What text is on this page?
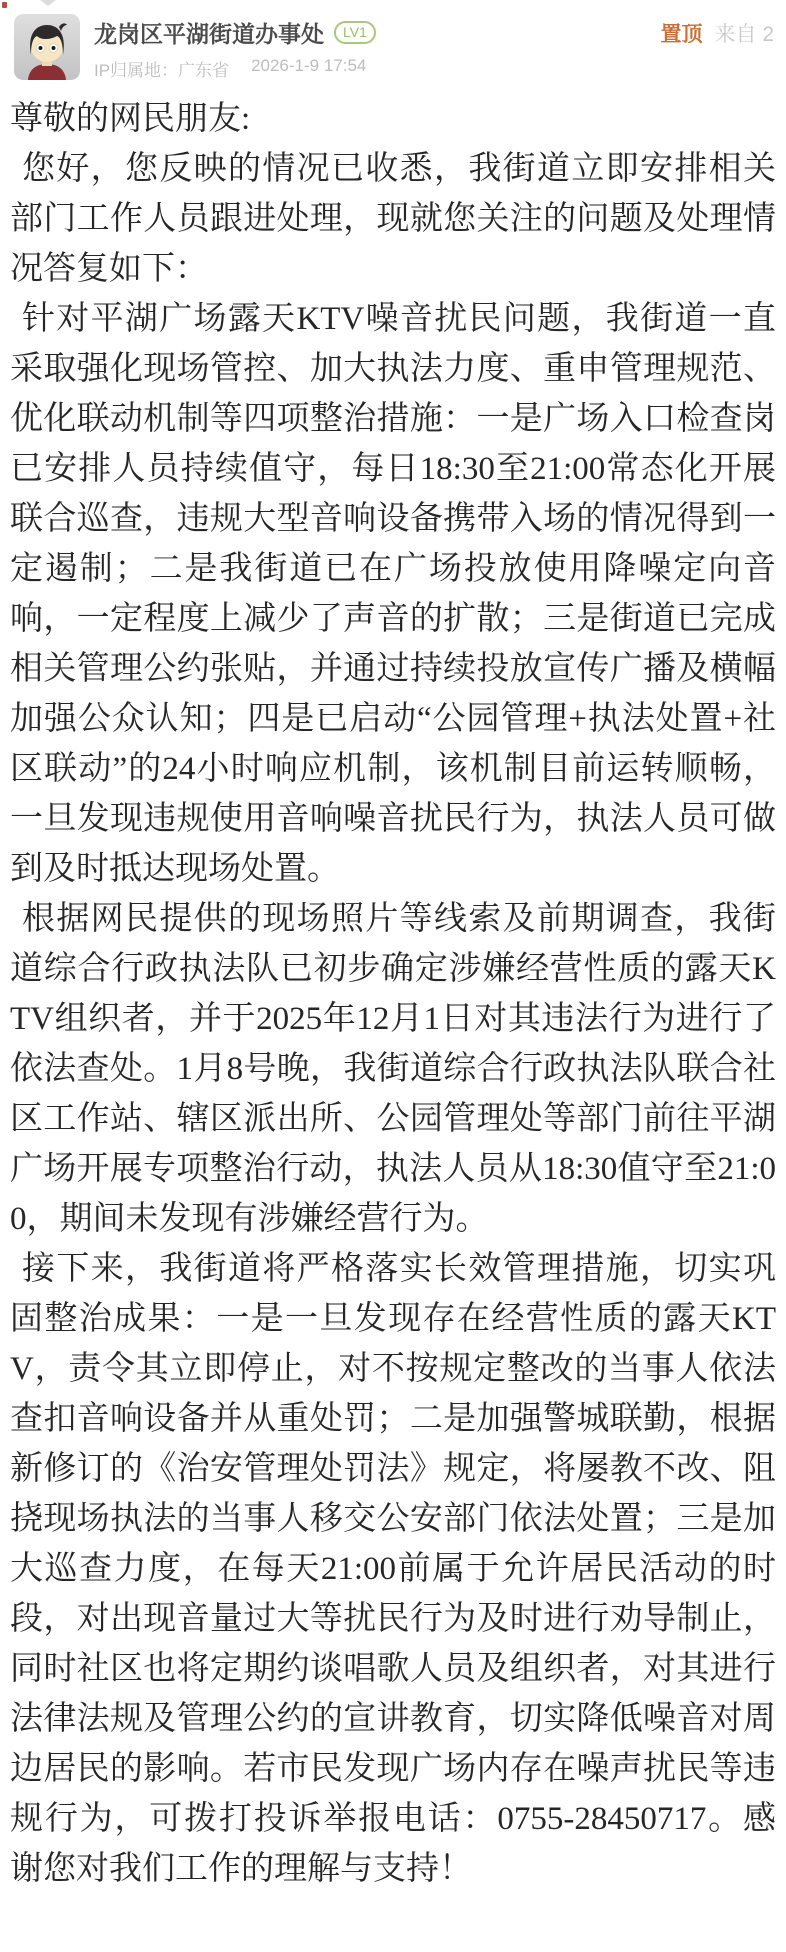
龙岗区平湖街道办事处	LV1
IP归属地：广东省 2026-1-9 17:54
置顶 来自 2

尊敬的网民朋友:

您好，您反映的情况已收悉，我街道立即安排相关部门工作人员跟进处理，现就您关注的问题及处理情况答复如下：

针对平湖广场露天KTV噪音扰民问题，我街道一直采取强化现场管控、加大执法力度、重申管理规范、优化联动机制等四项整治措施：一是广场入口检查岗已安排人员持续值守，每日18:30至21:00常态化开展联合巡查，违规大型音响设备携带入场的情况得到一定遏制；二是我街道已在广场投放使用降噪定向音响，一定程度上减少了声音的扩散；三是街道已完成相关管理公约张贴，并通过持续投放宣传广播及横幅加强公众认知；四是已启动“公园管理+执法处置+社区联动”的24小时响应机制，该机制目前运转顺畅，一旦发现违规使用音响噪音扰民行为，执法人员可做到及时抵达现场处置。

根据网民提供的现场照片等线索及前期调查，我街道综合行政执法队已初步确定涉嫌经营性质的露天KTV组织者，并于2025年12月1日对其违法行为进行了依法查处。1月8号晚，我街道综合行政执法队联合社区工作站、辖区派出所、公园管理处等部门前往平湖广场开展专项整治行动，执法人员从18:30值守至21:00，期间未发现有涉嫌经营行为。

接下来，我街道将严格落实长效管理措施，切实巩固整治成果：一是一旦发现存在经营性质的露天KTV，责令其立即停止，对不按规定整改的当事人依法查扣音响设备并从重处罚；二是加强警城联勤，根据新修订的《治安管理处罚法》规定，将屡教不改、阻挠现场执法的当事人移交公安部门依法处置；三是加大巡查力度，在每天21:00前属于允许居民活动的时段，对出现音量过大等扰民行为及时进行劝导制止，同时社区也将定期约谈唱歌人员及组织者，对其进行法律法规及管理公约的宣讲教育，切实降低噪音对周边居民的影响。若市民发现广场内存在噪声扰民等违规行为，可拨打投诉举报电话：0755-28450717。感谢您对我们工作的理解与支持！
